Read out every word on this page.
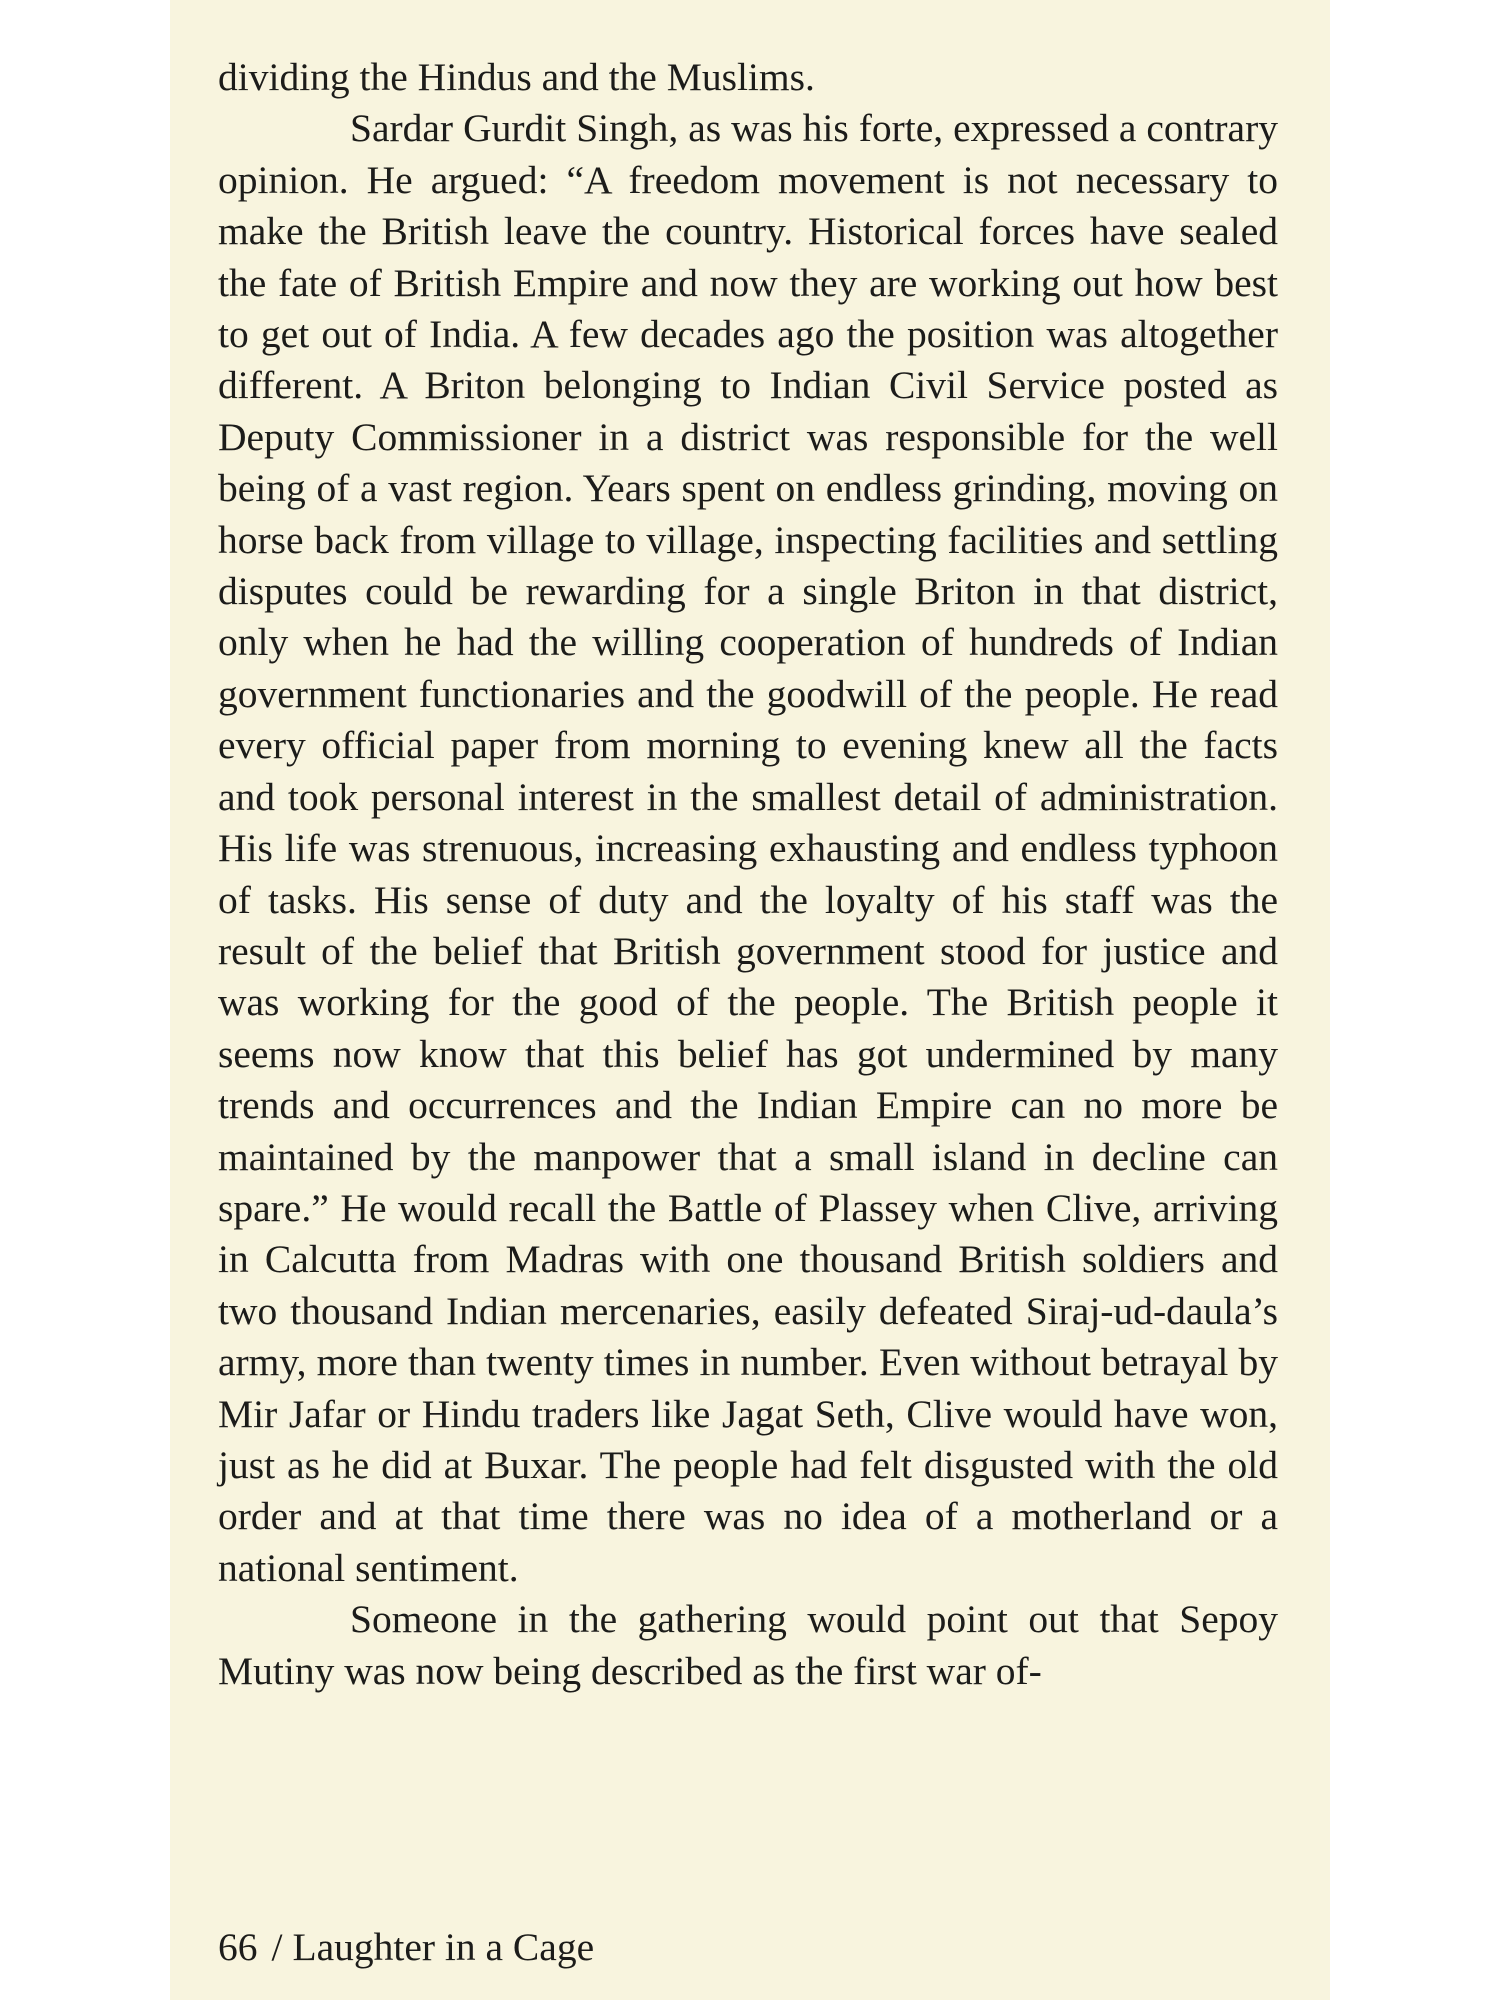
dividing the Hindus and the Muslims.

Sardar Gurdit Singh, as was his forte, expressed a contrary opinion. He argued: “A freedom movement is not necessary to make the British leave the country. Historical forces have sealed the fate of British Empire and now they are working out how best to get out of India. A few decades ago the position was altogether different. A Briton belonging to Indian Civil Service posted as Deputy Commissioner in a district was responsible for the well being of a vast region. Years spent on endless grinding, moving on horse back from village to village, inspecting facilities and settling disputes could be rewarding for a single Briton in that district, only when he had the willing cooperation of hundreds of Indian government functionaries and the goodwill of the people. He read every official paper from morning to evening knew all the facts and took personal interest in the smallest detail of administration. His life was strenuous, increasing exhausting and endless typhoon of tasks. His sense of duty and the loyalty of his staff was the result of the belief that British government stood for justice and was working for the good of the people. The British people it seems now know that this belief has got undermined by many trends and occurrences and the Indian Empire can no more be maintained by the manpower that a small island in decline can spare.” He would recall the Battle of Plassey when Clive, arriving in Calcutta from Madras with one thousand British soldiers and two thousand Indian mercenaries, easily defeated Siraj-ud-daula’s army, more than twenty times in number. Even without betrayal by Mir Jafar or Hindu traders like Jagat Seth, Clive would have won, just as he did at Buxar. The people had felt disgusted with the old order and at that time there was no idea of a motherland or a national sentiment.

Someone in the gathering would point out that Sepoy Mutiny was now being described as the first war of-

66 / Laughter in a Cage
